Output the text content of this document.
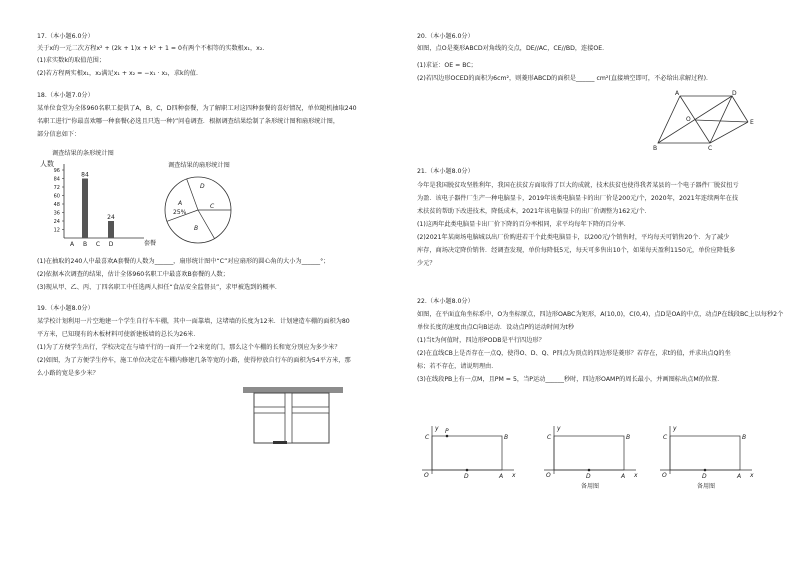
17.（本小题6.0分）
关于x的一元二次方程x² + (2k + 1)x + k² + 1 = 0有两个不相等的实数根x₁，x₂.
(1)求实数k的取值范围；
(2)若方程两实根x₁，x₂满足x₁ + x₂ = −x₁ · x₂，求k的值.
18.（本小题7.0分）
某单位食堂为全体960名职工提供了A，B，C，D四种套餐，为了解职工对这四种套餐的喜好情况，单位随机抽取240
名职工进行“你最喜欢哪一种套餐(必选且只选一种)”问卷调查．根据调查结果绘制了条形统计图和扇形统计图，
部分信息如下：
调查结果的条形统计图
人数
套餐
12
24
36
48
60
72
84
96
A B
84
C D
24
调查结果的扇形统计图
A
B
C
D
25%
(1)在抽取的240人中最喜欢A套餐的人数为______，扇形统计图中“C”对应扇形的圆心角的大小为______°；
(2)依据本次调查的结果，估计全体960名职工中最喜欢B套餐的人数；
(3)现从甲、乙、丙、丁四名职工中任选两人担任“食品安全监督员”，求甲被选到的概率.
19.（本小题8.0分）
某学校计划利用一片空地建一个学生自行车车棚，其中一面靠墙，这堵墙的长度为12米．计划建造车棚的面积为80
平方米，已知现有的木板材料可使新建板墙的总长为26米．
(1)为了方便学生出行，学校决定在与墙平行的一面开一个2米宽的门，那么这个车棚的长和宽分别应为多少米？
(2)如图，为了方便学生停车，施工单位决定在车棚内修建几条等宽的小路，使得停放自行车的面积为54平方米，那
么小路的宽是多少米？
20.（本小题6.0分）
如图，点O是菱形ABCD对角线的交点，DE//AC，CE//BD，连接OE．
(1)求证：OE = BC；
(2)若四边形OCED的面积为6cm²，则菱形ABCD的面积是______ cm²(直接填空即可，不必给出求解过程)．
A	D
O	E
B	C
21.（本小题8.0分）
今年是我国脱贫攻坚胜利年，我国在扶贫方面取得了巨大的成就，技术扶贫也使得我者某县的一个电子器件厂脱贫扭亏
为盈．该电子器件厂生产一种电脑显卡，2019年该类电脑显卡的出厂价是200元/个，2020年，2021年连续两年在技
术扶贫的帮助下改进技术，降低成本，2021年该电脑显卡的出厂价调整为162元/个．
(1)这两年此类电脑显卡出厂价下降的百分率相同，求平均每年下降的百分率．
(2)2021年某商场电脑城以出厂价购进若干个此类电脑显卡，以200元/个销售时，平均每天可销售20个．为了减少
库存，商场决定降价销售．经调查发现，单价每降低5元，每天可多售出10个，如果每天盈利1150元，单价应降低多
少元？
22.（本小题8.0分）
如图，在平面直角坐标系中，O为坐标原点，四边形OABC为矩形，A(10,0)，C(0,4)，点D是OA的中点，动点P在线段BC上以每秒2个
单位长度的速度由点C向B运动．设动点P的运动时间为t秒
(1)当t为何值时，四边形PODB是平行四边形？
(2)在直线CB上是否存在一点Q，使得O、D、Q、P四点为顶点的四边形是菱形？若存在，求t的值，并求出点Q的坐
标；若不存在，请说明理由．
(3)在线段PB上有一点M，且PM = 5，当P运动______秒时，四边形OAMP的周长最小，并画图标出点M的位置．
y
x
O	A
B
C
D
P	y
x
O	A
B
C
D
备用图
y
x
O	A
B
C
D
备用图
